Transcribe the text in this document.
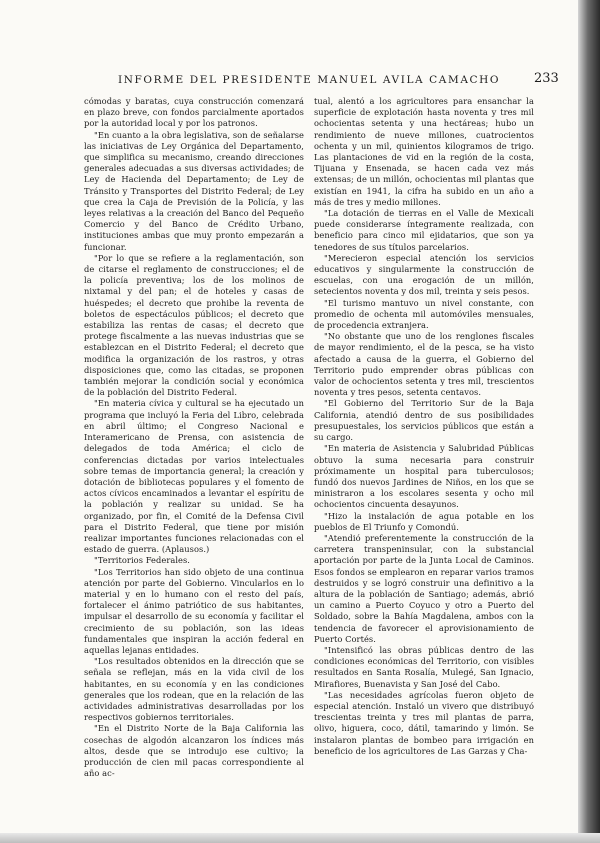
INFORME DEL PRESIDENTE MANUEL AVILA CAMACHO	233

cómodas y baratas, cuya construcción comenzará en plazo breve, con fondos parcialmente aportados por la autoridad local y por los patronos.

"En cuanto a la obra legislativa, son de señalarse las iniciativas de Ley Orgánica del Departamento, que simplifica su mecanismo, creando direcciones generales adecuadas a sus diversas actividades; de Ley de Hacienda del Departamento; de Ley de Tránsito y Transportes del Distrito Federal; de Ley que crea la Caja de Previsión de la Policía, y las leyes relativas a la creación del Banco del Pequeño Comercio y del Banco de Crédito Urbano, instituciones ambas que muy pronto empezarán a funcionar.

"Por lo que se refiere a la reglamentación, son de citarse el reglamento de construcciones; el de la policía preventiva; los de los molinos de nixtamal y del pan; el de hoteles y casas de huéspedes; el decreto que prohibe la reventa de boletos de espectáculos públicos; el decreto que estabiliza las rentas de casas; el decreto que protege fiscalmente a las nuevas industrias que se establezcan en el Distrito Federal; el decreto que modifica la organización de los rastros, y otras disposiciones que, como las citadas, se proponen también mejorar la condición social y económica de la población del Distrito Federal.

"En materia cívica y cultural se ha ejecutado un programa que incluyó la Feria del Libro, celebrada en abril último; el Congreso Nacional e Interamericano de Prensa, con asistencia de delegados de toda América; el ciclo de conferencias dictadas por varios intelectuales sobre temas de importancia general; la creación y dotación de bibliotecas populares y el fomento de actos cívicos encaminados a levantar el espíritu de la población y realizar su unidad. Se ha organizado, por fin, el Comité de la Defensa Civil para el Distrito Federal, que tiene por misión realizar importantes funciones relacionadas con el estado de guerra. (Aplausos.)

"Territorios Federales.

"Los Territorios han sido objeto de una continua atención por parte del Gobierno. Vincularlos en lo material y en lo humano con el resto del país, fortalecer el ánimo patriótico de sus habitantes, impulsar el desarrollo de su economía y facilitar el crecimiento de su población, son las ideas fundamentales que inspiran la acción federal en aquellas lejanas entidades.

"Los resultados obtenidos en la dirección que se señala se reflejan, más en la vida civil de los habitantes, en su economía y en las condiciones generales que los rodean, que en la relación de las actividades administrativas desarrolladas por los respectivos gobiernos territoriales.

"En el Distrito Norte de la Baja California las cosechas de algodón alcanzaron los índices más altos, desde que se introdujo ese cultivo; la producción de cien mil pacas correspondiente al año ac-

tual, alentó a los agricultores para ensanchar la superficie de explotación hasta noventa y tres mil ochocientas setenta y una hectáreas; hubo un rendimiento de nueve millones, cuatrocientos ochenta y un mil, quinientos kilogramos de trigo. Las plantaciones de vid en la región de la costa, Tijuana y Ensenada, se hacen cada vez más extensas; de un millón, ochocientas mil plantas que existían en 1941, la cifra ha subido en un año a más de tres y medio millones.

"La dotación de tierras en el Valle de Mexicali puede considerarse íntegramente realizada, con beneficio para cinco mil ejidatarios, que son ya tenedores de sus títulos parcelarios.

"Merecieron especial atención los servicios educativos y singularmente la construcción de escuelas, con una erogación de un millón, setecientos noventa y dos mil, treinta y seis pesos.

"El turismo mantuvo un nivel constante, con promedio de ochenta mil automóviles mensuales, de procedencia extranjera.

"No obstante que uno de los renglones fiscales de mayor rendimiento, el de la pesca, se ha visto afectado a causa de la guerra, el Gobierno del Territorio pudo emprender obras públicas con valor de ochocientos setenta y tres mil, trescientos noventa y tres pesos, setenta centavos.

"El Gobierno del Territorio Sur de la Baja California, atendió dentro de sus posibilidades presupuestales, los servicios públicos que están a su cargo.

"En materia de Asistencia y Salubridad Públicas obtuvo la suma necesaria para construir próximamente un hospital para tuberculosos; fundó dos nuevos Jardines de Niños, en los que se ministraron a los escolares sesenta y ocho mil ochocientos cincuenta desayunos.

"Hizo la instalación de agua potable en los pueblos de El Triunfo y Comondú.

"Atendió preferentemente la construcción de la carretera transpeninsular, con la substancial aportación por parte de la Junta Local de Caminos. Esos fondos se emplearon en reparar varios tramos destruidos y se logró construir una definitivo a la altura de la población de Santiago; además, abrió un camino a Puerto Coyuco y otro a Puerto del Soldado, sobre la Bahía Magdalena, ambos con la tendencia de favorecer el aprovisionamiento de Puerto Cortés.

"Intensificó las obras públicas dentro de las condiciones económicas del Territorio, con visibles resultados en Santa Rosalía, Mulegé, San Ignacio, Mirafiores, Buenavista y San José del Cabo.

"Las necesidades agrícolas fueron objeto de especial atención. Instaló un vivero que distribuyó trescientas treinta y tres mil plantas de parra, olivo, higuera, coco, dátil, tamarindo y limón. Se instalaron plantas de bombeo para irrigación en beneficio de los agricultores de Las Garzas y Cha-
